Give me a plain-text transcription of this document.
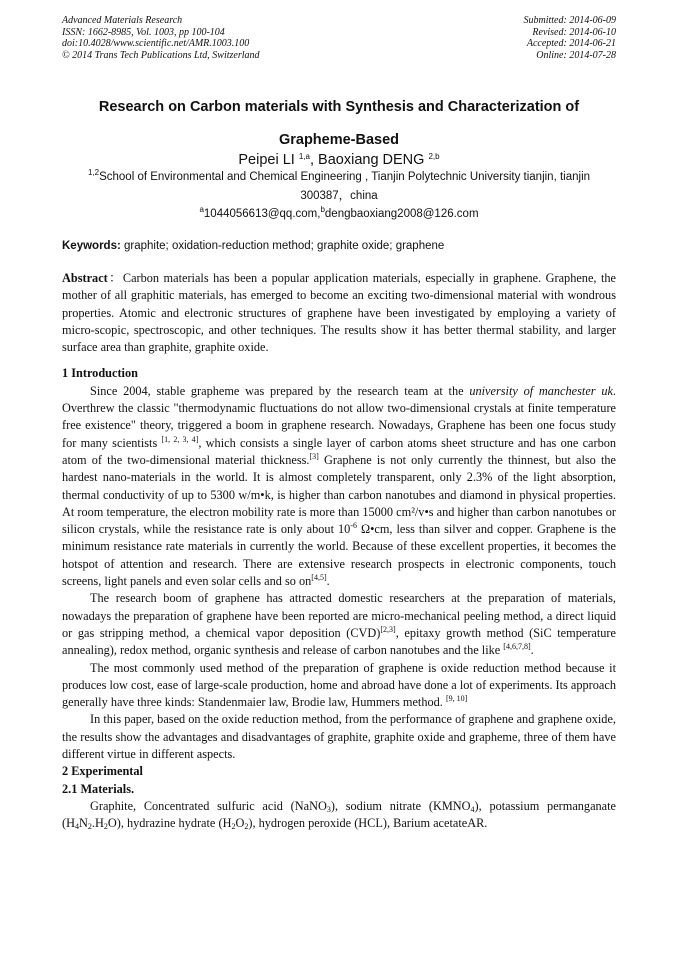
Advanced Materials Research
ISSN: 1662-8985, Vol. 1003, pp 100-104
doi:10.4028/www.scientific.net/AMR.1003.100
© 2014 Trans Tech Publications Ltd, Switzerland
Submitted: 2014-06-09
Revised: 2014-06-10
Accepted: 2014-06-21
Online: 2014-07-28
Research on Carbon materials with Synthesis and Characterization of
Grapheme-Based
Peipei LI $^{1,a}$, Baoxiang DENG $^{2,b}$
$^{1,2}$School of Environmental and Chemical Engineering , Tianjin Polytechnic University tianjin, tianjin 300387，china
$^a$1044056613@qq.com,$^b$dengbaoxiang2008@126.com
Keywords: graphite; oxidation-reduction method; graphite oxide; graphene

Abstract：Carbon materials has been a popular application materials, especially in graphene. Graphene, the mother of all graphitic materials, has emerged to become an exciting two-dimensional material with wondrous properties. Atomic and electronic structures of graphene have been investigated by employing a variety of micro-scopic, spectroscopic, and other techniques. The results show it has better thermal stability, and larger surface area than graphite, graphite oxide.

1 Introduction

Since 2004, stable grapheme was prepared by the research team at the university of manchester uk. Overthrew the classic "thermodynamic fluctuations do not allow two-dimensional crystals at finite temperature free existence" theory, triggered a boom in graphene research. Nowadays, Graphene has been one focus study for many scientists [1, 2, 3, 4], which consists a single layer of carbon atoms sheet structure and has one carbon atom of the two-dimensional material thickness.[3] Graphene is not only currently the thinnest, but also the hardest nano-materials in the world. It is almost completely transparent, only 2.3% of the light absorption, thermal conductivity of up to 5300 w/m•k, is higher than carbon nanotubes and diamond in physical properties. At room temperature, the electron mobility rate is more than 15000 cm²/v•s and higher than carbon nanotubes or silicon crystals, while the resistance rate is only about $10^{-6}$ Ω•cm, less than silver and copper. Graphene is the minimum resistance rate materials in currently the world. Because of these excellent properties, it becomes the hotspot of attention and research. There are extensive research prospects in electronic components, touch screens, light panels and even solar cells and so on[4,5].

The research boom of graphene has attracted domestic researchers at the preparation of materials, nowadays the preparation of graphene have been reported are micro-mechanical peeling method, a direct liquid or gas stripping method, a chemical vapor deposition (CVD)[2,3], epitaxy growth method (SiC temperature annealing), redox method, organic synthesis and release of carbon nanotubes and the like [4,6,7,8].

The most commonly used method of the preparation of graphene is oxide reduction method because it produces low cost, ease of large-scale production, home and abroad have done a lot of experiments. Its approach generally have three kinds: Standenmaier law, Brodie law, Hummers method. [9, 10]

In this paper, based on the oxide reduction method, from the performance of graphene and graphene oxide, the results show the advantages and disadvantages of graphite, graphite oxide and grapheme, three of them have different virtue in different aspects.

2 Experimental

2.1 Materials.

Graphite, Concentrated sulfuric acid (NaNO$_3$), sodium nitrate $(KMNO_4)$, potassium permanganate $(H_4N_2.H_2O)$, hydrazine hydrate $(H_2O_2)$, hydrogen peroxide (HCL), Barium acetateAR.
